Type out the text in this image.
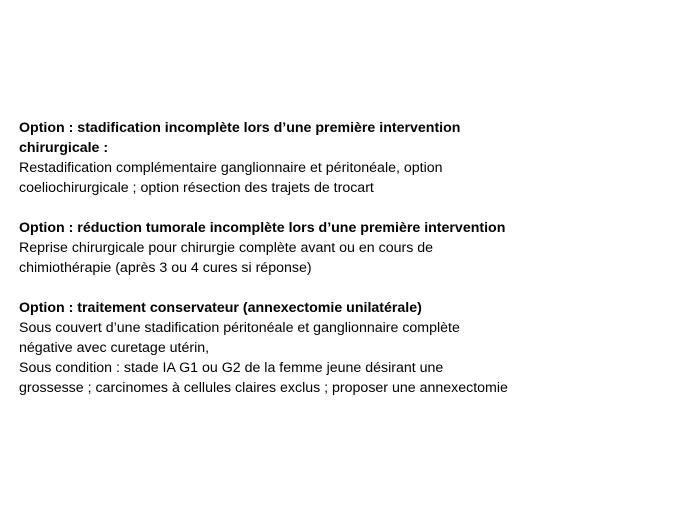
Option : stadification incomplète lors d’une première intervention
chirurgicale :
Restadification complémentaire ganglionnaire et péritonéale, option
coeliochirurgicale ; option résection des trajets de trocart
Option : réduction tumorale incomplète lors d’une première intervention
Reprise chirurgicale pour chirurgie complète avant ou en cours de
chimiothérapie (après 3 ou 4 cures si réponse)
Option : traitement conservateur (annexectomie unilatérale)
Sous couvert d’une stadification péritonéale et ganglionnaire complète
négative avec curetage utérin,
Sous condition : stade IA G1 ou G2 de la femme jeune désirant une
grossesse ; carcinomes à cellules claires exclus ; proposer une annexectomie
